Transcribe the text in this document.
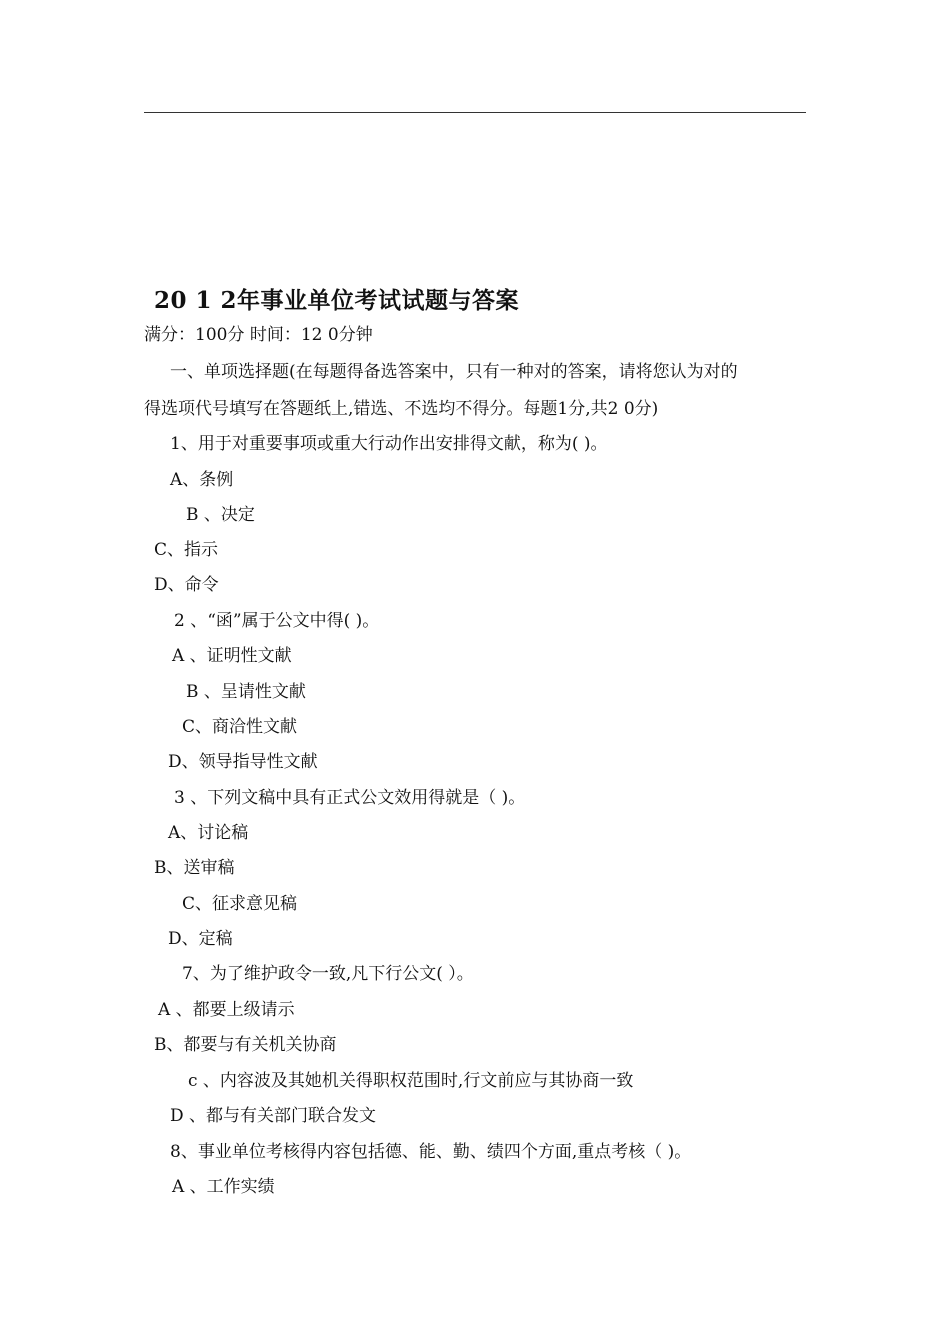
20 1 2年事业单位考试试题与答案
满分：100分 时间：12 0分钟
一、单项选择题(在每题得备选答案中，只有一种对的答案，请将您认为对的
得选项代号填写在答题纸上,错选、不选均不得分。每题1分,共2 0分)
1、用于对重要事项或重大行动作出安排得文献，称为( )。
A、条例
B 、决定
C、指示
D、命令
2 、“函”属于公文中得( )。
A 、证明性文献
B 、呈请性文献
C、商洽性文献
D、领导指导性文献
3 、下列文稿中具有正式公文效用得就是（ )。
A、讨论稿
B、送审稿
C、征求意见稿
D、定稿
7、为了维护政令一致,凡下行公文( ）。
A 、都要上级请示
B、都要与有关机关协商
c 、内容波及其她机关得职权范围时,行文前应与其协商一致
D 、都与有关部门联合发文
8、事业单位考核得内容包括德、能、勤、绩四个方面,重点考核（ )。
A 、工作实绩
